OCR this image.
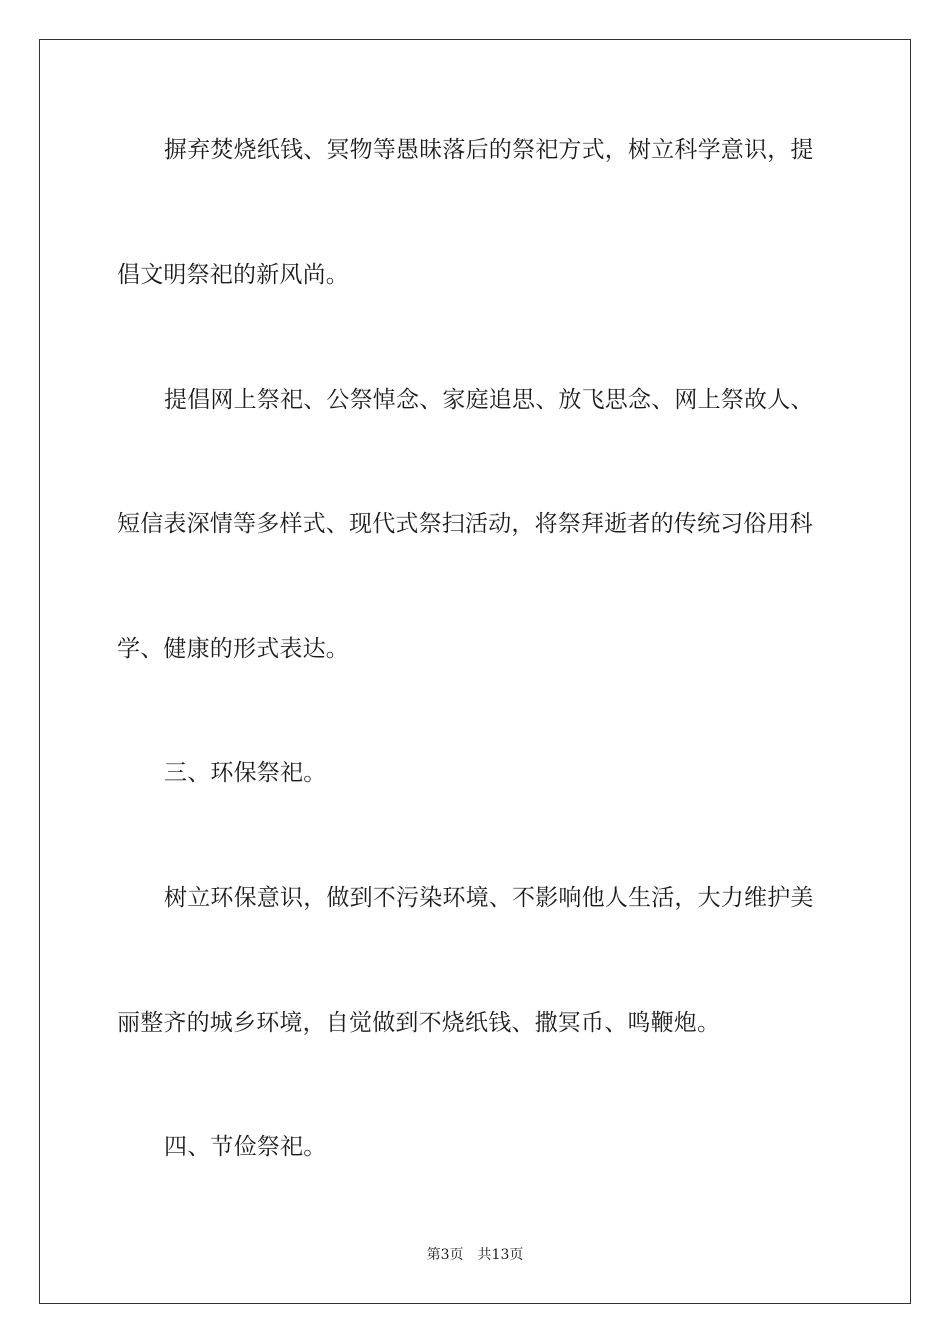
摒弃焚烧纸钱、冥物等愚昧落后的祭祀方式，树立科学意识，提
倡文明祭祀的新风尚。
提倡网上祭祀、公祭悼念、家庭追思、放飞思念、网上祭故人、
短信表深情等多样式、现代式祭扫活动，将祭拜逝者的传统习俗用科
学、健康的形式表达。
三、环保祭祀。
树立环保意识，做到不污染环境、不影响他人生活，大力维护美
丽整齐的城乡环境，自觉做到不烧纸钱、撒冥币、鸣鞭炮。
四、节俭祭祀。
第3页 共13页
